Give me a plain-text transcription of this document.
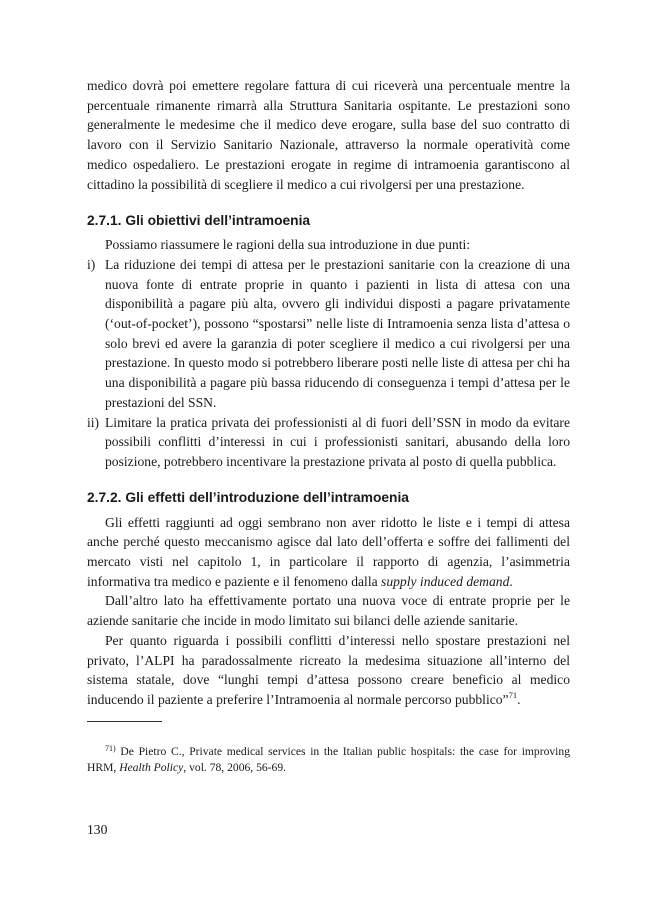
medico dovrà poi emettere regolare fattura di cui riceverà una percentuale mentre la percentuale rimanente rimarrà alla Struttura Sanitaria ospitante. Le prestazioni sono generalmente le medesime che il medico deve erogare, sulla base del suo contratto di lavoro con il Servizio Sanitario Nazionale, attraverso la normale operatività come medico ospedaliero. Le prestazioni erogate in regime di intramoenia garantiscono al cittadino la possibilità di scegliere il medico a cui rivolgersi per una prestazione.

2.7.1. Gli obiettivi dell’intramoenia

Possiamo riassumere le ragioni della sua introduzione in due punti:

i) La riduzione dei tempi di attesa per le prestazioni sanitarie con la creazione di una nuova fonte di entrate proprie in quanto i pazienti in lista di attesa con una disponibilità a pagare più alta, ovvero gli individui disposti a pagare privatamente (‘out-of-pocket’), possono “spostarsi” nelle liste di Intramoenia senza lista d’attesa o solo brevi ed avere la garanzia di poter scegliere il medico a cui rivolgersi per una prestazione. In questo modo si potrebbero liberare posti nelle liste di attesa per chi ha una disponibilità a pagare più bassa riducendo di conseguenza i tempi d’attesa per le prestazioni del SSN.
ii) Limitare la pratica privata dei professionisti al di fuori dell’SSN in modo da evitare possibili conflitti d’interessi in cui i professionisti sanitari, abusando della loro posizione, potrebbero incentivare la prestazione privata al posto di quella pubblica.
2.7.2. Gli effetti dell’introduzione dell’intramoenia

Gli effetti raggiunti ad oggi sembrano non aver ridotto le liste e i tempi di attesa anche perché questo meccanismo agisce dal lato dell’offerta e soffre dei fallimenti del mercato visti nel capitolo 1, in particolare il rapporto di agenzia, l’asimmetria informativa tra medico e paziente e il fenomeno dalla supply induced demand.

Dall’altro lato ha effettivamente portato una nuova voce di entrate proprie per le aziende sanitarie che incide in modo limitato sui bilanci delle aziende sanitarie.

Per quanto riguarda i possibili conflitti d’interessi nello spostare prestazioni nel privato, l’ALPI ha paradossalmente ricreato la medesima situazione all’interno del sistema statale, dove “lunghi tempi d’attesa possono creare beneficio al medico inducendo il paziente a preferire l’Intramoenia al normale percorso pubblico”$^{71}$.

$^{71)}$ De Pietro C., Private medical services in the Italian public hospitals: the case for improving HRM, Health Policy, vol. 78, 2006, 56-69.

130
